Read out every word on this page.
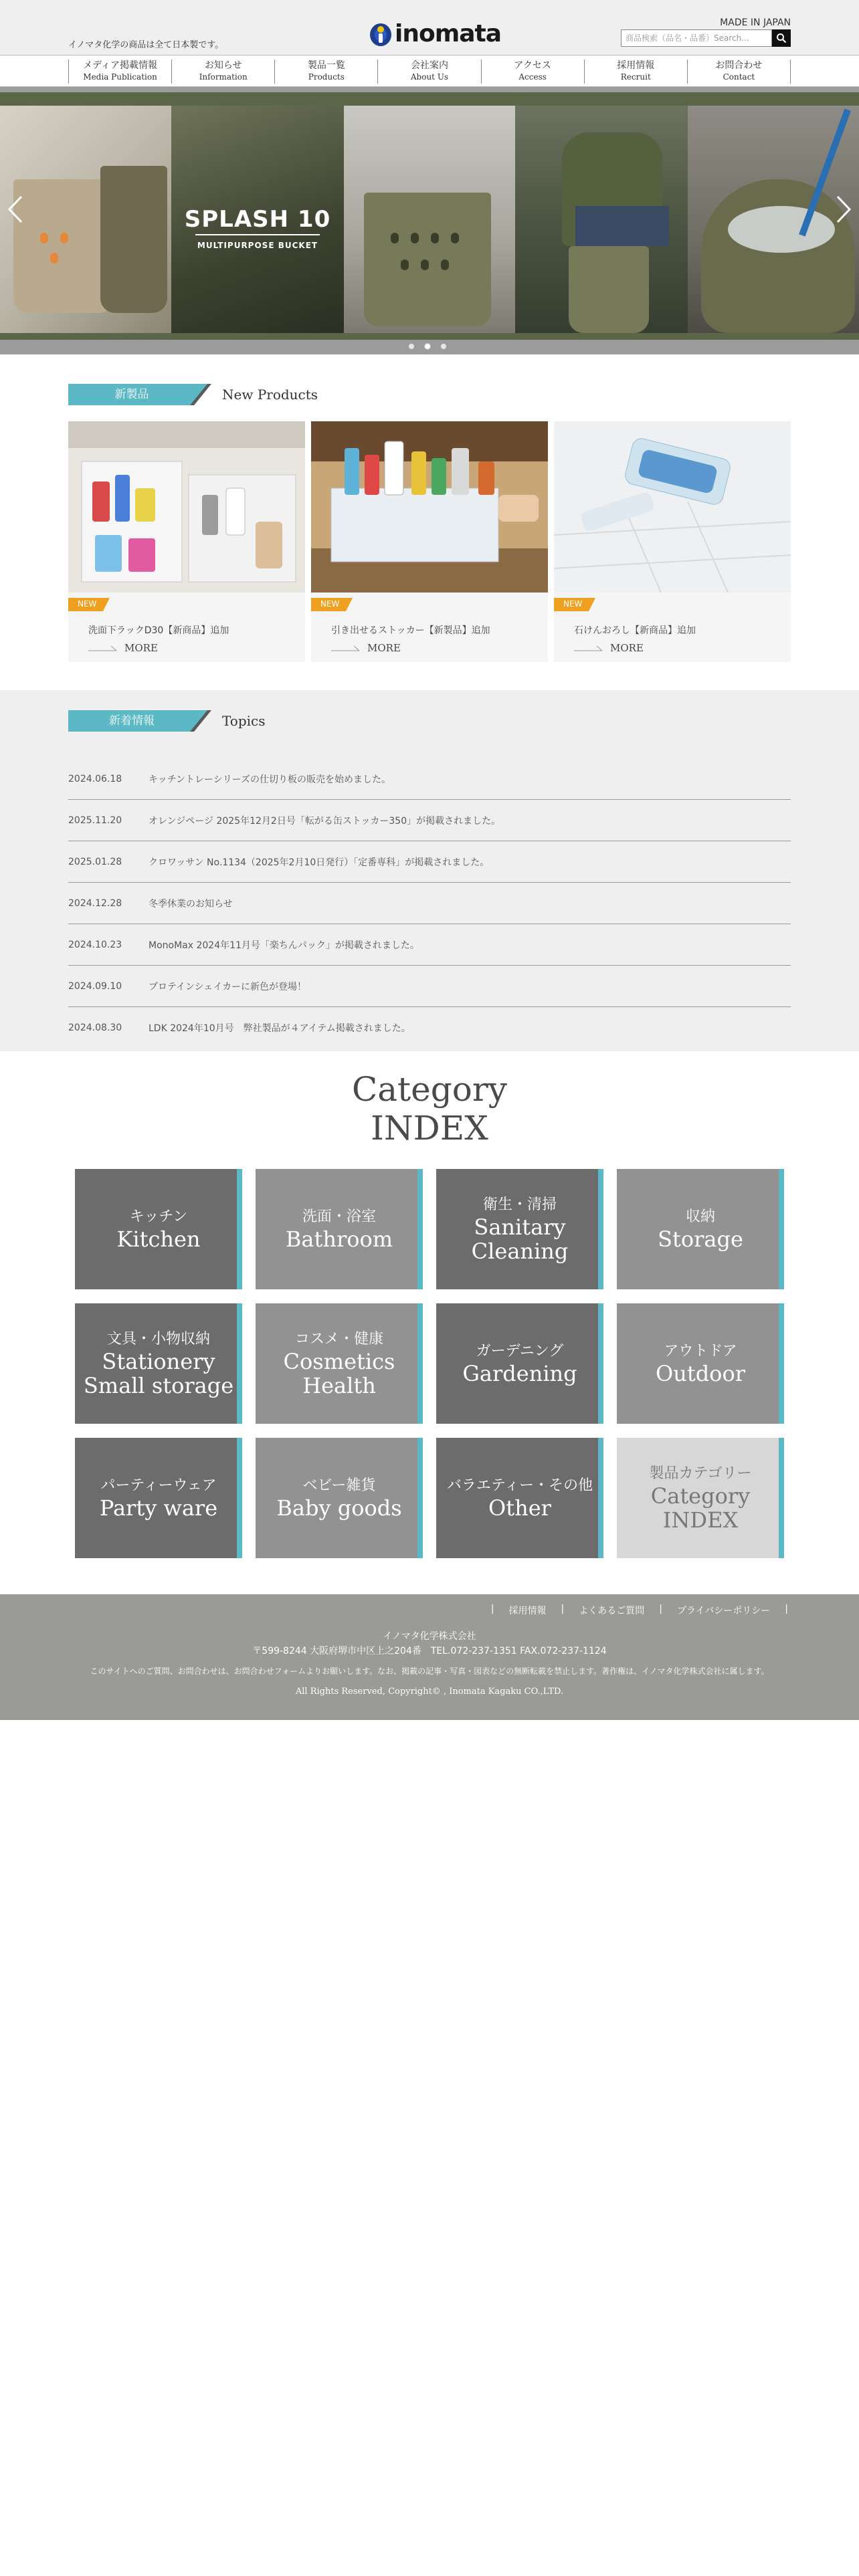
イノマタ化学の商品は全て日本製です。	inomata	MADE IN JAPAN
商品検索（品名・品番）Search...
メディア掲載情報
Media Publication
お知らせ
Information
製品一覧
Products
会社案内
About Us
アクセス
Access
採用情報
Recruit
お問合わせ
Contact
SPLASH 10
MULTIPURPOSE BUCKET
新製品	New Products
NEW
洗面下ラックD30【新商品】追加
MORE
NEW
引き出せるストッカー【新製品】追加
MORE
NEW
石けんおろし【新商品】追加
MORE
新着情報	Topics
2024.06.18	キッチントレーシリーズの仕切り板の販売を始めました。
2025.11.20	オレンジページ 2025年12月2日号「転がる缶ストッカー350」が掲載されました。
2025.01.28	クロワッサン No.1134（2025年2月10日発行）「定番専科」が掲載されました。
2024.12.28	冬季休業のお知らせ
2024.10.23	MonoMax 2024年11月号「楽ちんパック」が掲載されました。
2024.09.10	プロテインシェイカーに新色が登場！
2024.08.30	LDK 2024年10月号　弊社製品が４アイテム掲載されました。
Category
INDEX
キッチン
Kitchen
洗面・浴室
Bathroom
衛生・清掃
Sanitary
Cleaning
収納
Storage
文具・小物収納
Stationery
Small storage
コスメ・健康
Cosmetics
Health
ガーデニング
Gardening
アウトドア
Outdoor
パーティーウェア
Party ware
ベビー雑貨
Baby goods
バラエティー・その他
Other
製品カテゴリー
Category
INDEX
|	採用情報	|	よくあるご質問	|	プライバシーポリシー	|
イノマタ化学株式会社
〒599-8244 大阪府堺市中区上之204番　TEL.072-237-1351 FAX.072-237-1124
このサイトへのご質問、お問合わせは、お問合わせフォームよりお願いします。なお、掲載の記事・写真・図表などの無断転載を禁止します。著作権は、イノマタ化学株式会社に属します。
All Rights Reserved, Copyright© , Inomata Kagaku CO.,LTD.
